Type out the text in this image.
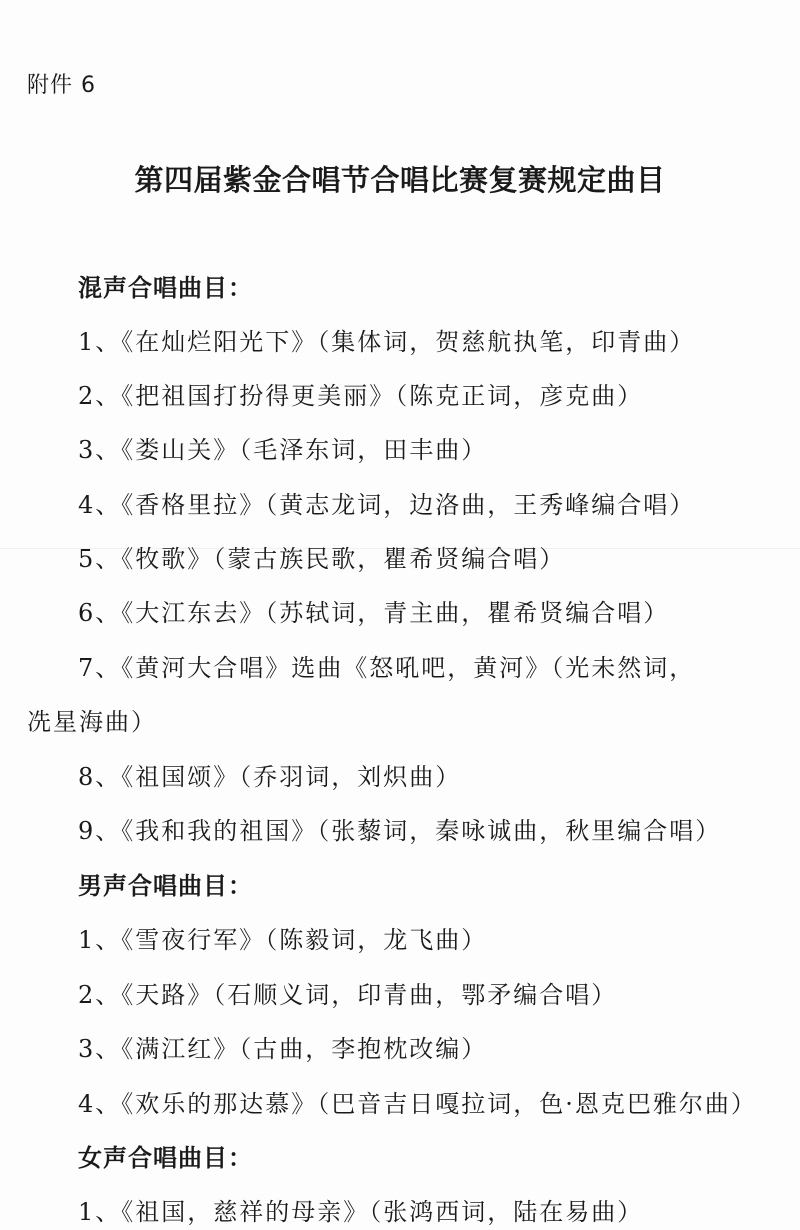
附件 6
第四届紫金合唱节合唱比赛复赛规定曲目
混声合唱曲目：
1、《在灿烂阳光下》（集体词，贺慈航执笔，印青曲）
2、《把祖国打扮得更美丽》（陈克正词，彦克曲）
3、《娄山关》（毛泽东词，田丰曲）
4、《香格里拉》（黄志龙词，边洛曲，王秀峰编合唱）
5、《牧歌》（蒙古族民歌，瞿希贤编合唱）
6、《大江东去》（苏轼词，青主曲，瞿希贤编合唱）
7、《黄河大合唱》选曲《怒吼吧，黄河》（光未然词，
冼星海曲）
8、《祖国颂》（乔羽词，刘炽曲）
9、《我和我的祖国》（张藜词，秦咏诚曲，秋里编合唱）
男声合唱曲目：
1、《雪夜行军》（陈毅词，龙飞曲）
2、《天路》（石顺义词，印青曲，鄂矛编合唱）
3、《满江红》（古曲，李抱枕改编）
4、《欢乐的那达慕》（巴音吉日嘎拉词，色·恩克巴雅尔曲）
女声合唱曲目：
1、《祖国，慈祥的母亲》（张鸿西词，陆在易曲）
